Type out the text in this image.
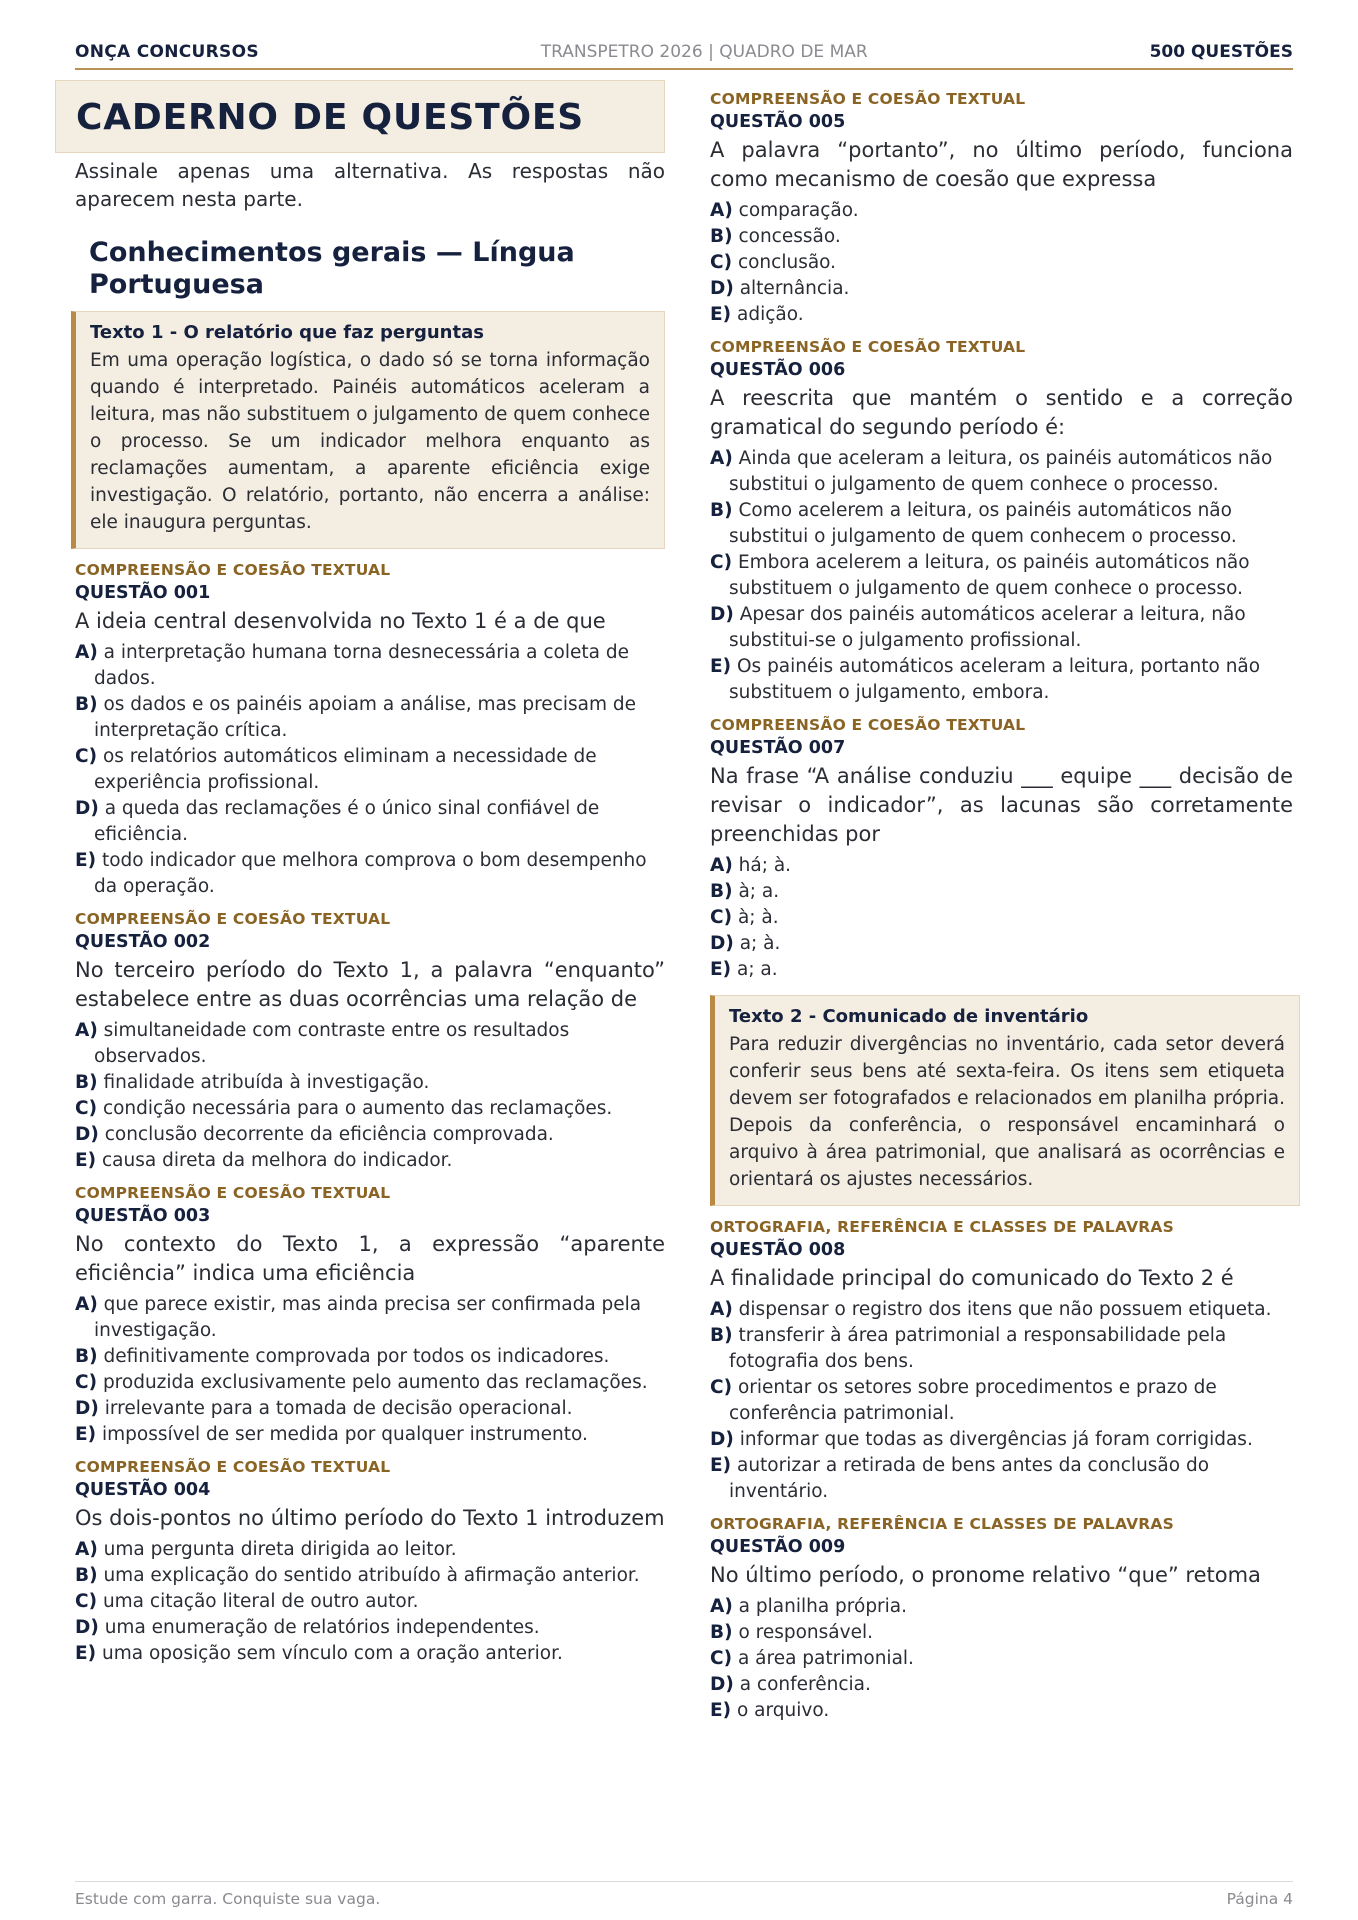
ONÇA CONCURSOS	TRANSPETRO 2026 | QUADRO DE MAR	500 QUESTÕES
CADERNO DE QUESTÕES

Assinale apenas uma alternativa. As respostas não aparecem nesta parte.

Conhecimentos gerais — Língua Portuguesa
Texto 1 - O relatório que faz perguntas
Em uma operação logística, o dado só se torna informação quando é interpretado. Painéis automáticos aceleram a leitura, mas não substituem o julgamento de quem conhece o processo. Se um indicador melhora enquanto as reclamações aumentam, a aparente eficiência exige investigação. O relatório, portanto, não encerra a análise: ele inaugura perguntas.
COMPREENSÃO E COESÃO TEXTUAL
QUESTÃO 001
A ideia central desenvolvida no Texto 1 é a de que
A) a interpretação humana torna desnecessária a coleta de dados.
B) os dados e os painéis apoiam a análise, mas precisam de interpretação crítica.
C) os relatórios automáticos eliminam a necessidade de experiência profissional.
D) a queda das reclamações é o único sinal confiável de eficiência.
E) todo indicador que melhora comprova o bom desempenho da operação.
COMPREENSÃO E COESÃO TEXTUAL
QUESTÃO 002
No terceiro período do Texto 1, a palavra “enquanto” estabelece entre as duas ocorrências uma relação de
A) simultaneidade com contraste entre os resultados observados.
B) finalidade atribuída à investigação.
C) condição necessária para o aumento das reclamações.
D) conclusão decorrente da eficiência comprovada.
E) causa direta da melhora do indicador.
COMPREENSÃO E COESÃO TEXTUAL
QUESTÃO 003
No contexto do Texto 1, a expressão “aparente eficiência” indica uma eficiência
A) que parece existir, mas ainda precisa ser confirmada pela investigação.
B) definitivamente comprovada por todos os indicadores.
C) produzida exclusivamente pelo aumento das reclamações.
D) irrelevante para a tomada de decisão operacional.
E) impossível de ser medida por qualquer instrumento.
COMPREENSÃO E COESÃO TEXTUAL
QUESTÃO 004
Os dois-pontos no último período do Texto 1 introduzem
A) uma pergunta direta dirigida ao leitor.
B) uma explicação do sentido atribuído à afirmação anterior.
C) uma citação literal de outro autor.
D) uma enumeração de relatórios independentes.
E) uma oposição sem vínculo com a oração anterior.
COMPREENSÃO E COESÃO TEXTUAL
QUESTÃO 005
A palavra “portanto”, no último período, funciona como mecanismo de coesão que expressa
A) comparação.
B) concessão.
C) conclusão.
D) alternância.
E) adição.
COMPREENSÃO E COESÃO TEXTUAL
QUESTÃO 006
A reescrita que mantém o sentido e a correção gramatical do segundo período é:
A) Ainda que aceleram a leitura, os painéis automáticos não substitui o julgamento de quem conhece o processo.
B) Como acelerem a leitura, os painéis automáticos não substitui o julgamento de quem conhecem o processo.
C) Embora acelerem a leitura, os painéis automáticos não substituem o julgamento de quem conhece o processo.
D) Apesar dos painéis automáticos acelerar a leitura, não substitui-se o julgamento profissional.
E) Os painéis automáticos aceleram a leitura, portanto não substituem o julgamento, embora.
COMPREENSÃO E COESÃO TEXTUAL
QUESTÃO 007
Na frase “A análise conduziu ___ equipe ___ decisão de revisar o indicador”, as lacunas são corretamente preenchidas por
A) há; à.
B) à; a.
C) à; à.
D) a; à.
E) a; a.
Texto 2 - Comunicado de inventário
Para reduzir divergências no inventário, cada setor deverá conferir seus bens até sexta-feira. Os itens sem etiqueta devem ser fotografados e relacionados em planilha própria. Depois da conferência, o responsável encaminhará o arquivo à área patrimonial, que analisará as ocorrências e orientará os ajustes necessários.
ORTOGRAFIA, REFERÊNCIA E CLASSES DE PALAVRAS
QUESTÃO 008
A finalidade principal do comunicado do Texto 2 é
A) dispensar o registro dos itens que não possuem etiqueta.
B) transferir à área patrimonial a responsabilidade pela fotografia dos bens.
C) orientar os setores sobre procedimentos e prazo de conferência patrimonial.
D) informar que todas as divergências já foram corrigidas.
E) autorizar a retirada de bens antes da conclusão do inventário.
ORTOGRAFIA, REFERÊNCIA E CLASSES DE PALAVRAS
QUESTÃO 009
No último período, o pronome relativo “que” retoma
A) a planilha própria.
B) o responsável.
C) a área patrimonial.
D) a conferência.
E) o arquivo.
Estude com garra. Conquiste sua vaga.	Página 4
